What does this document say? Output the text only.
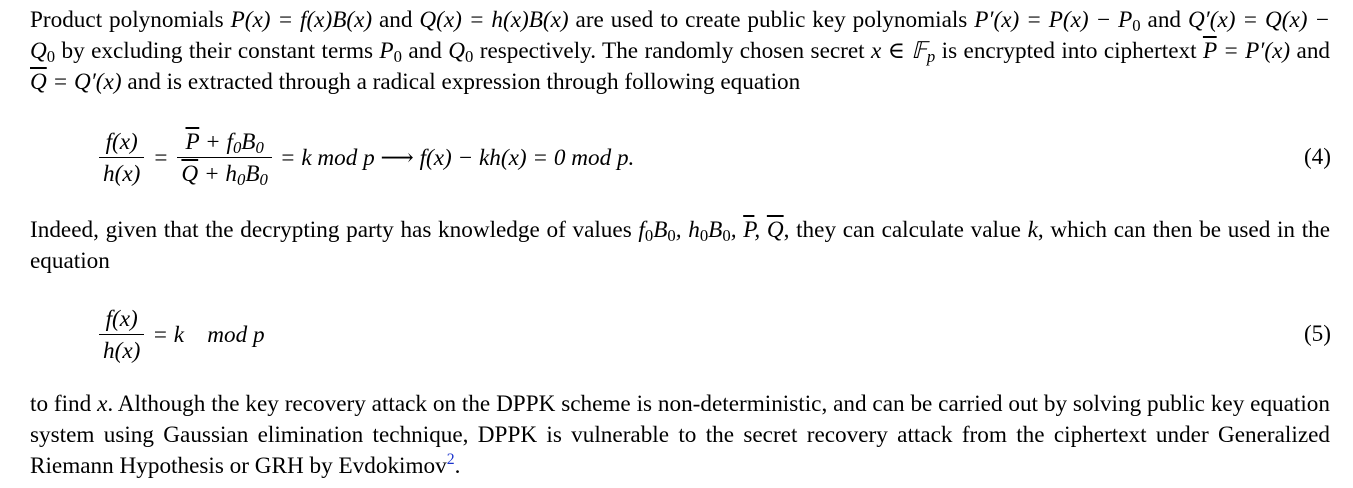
Product polynomials P(x) = f(x)B(x) and Q(x) = h(x)B(x) are used to create public key polynomials P′(x) = P(x) − P0 and Q′(x) = Q(x) − Q0 by excluding their constant terms P0 and Q0 respectively. The randomly chosen secret x ∈ 𝔽p is encrypted into ciphertext $\overline{P} = P'(x)$ and $\overline{Q} = Q'(x)$ and is extracted through a radical expression through following equation

$\frac{f(x)}{h(x)} = \frac{\overline{P} + f0B0}{\overline{Q} + h0B0} = k$ mod p ⟶ f(x) − kh(x) = 0 mod p.	(4)

Indeed, given that the decrypting party has knowledge of values f0B0, h0B0, $\overline{P}$, $\overline{Q}$, they can calculate value k, which can then be used in the equation

$\frac{f(x)}{h(x)} = k$    mod p	(5)

to find x. Although the key recovery attack on the DPPK scheme is non-deterministic, and can be carried out by solving public key equation system using Gaussian elimination technique, DPPK is vulnerable to the secret recovery attack from the ciphertext under Generalized Riemann Hypothesis or GRH by Evdokimov$^2$.
